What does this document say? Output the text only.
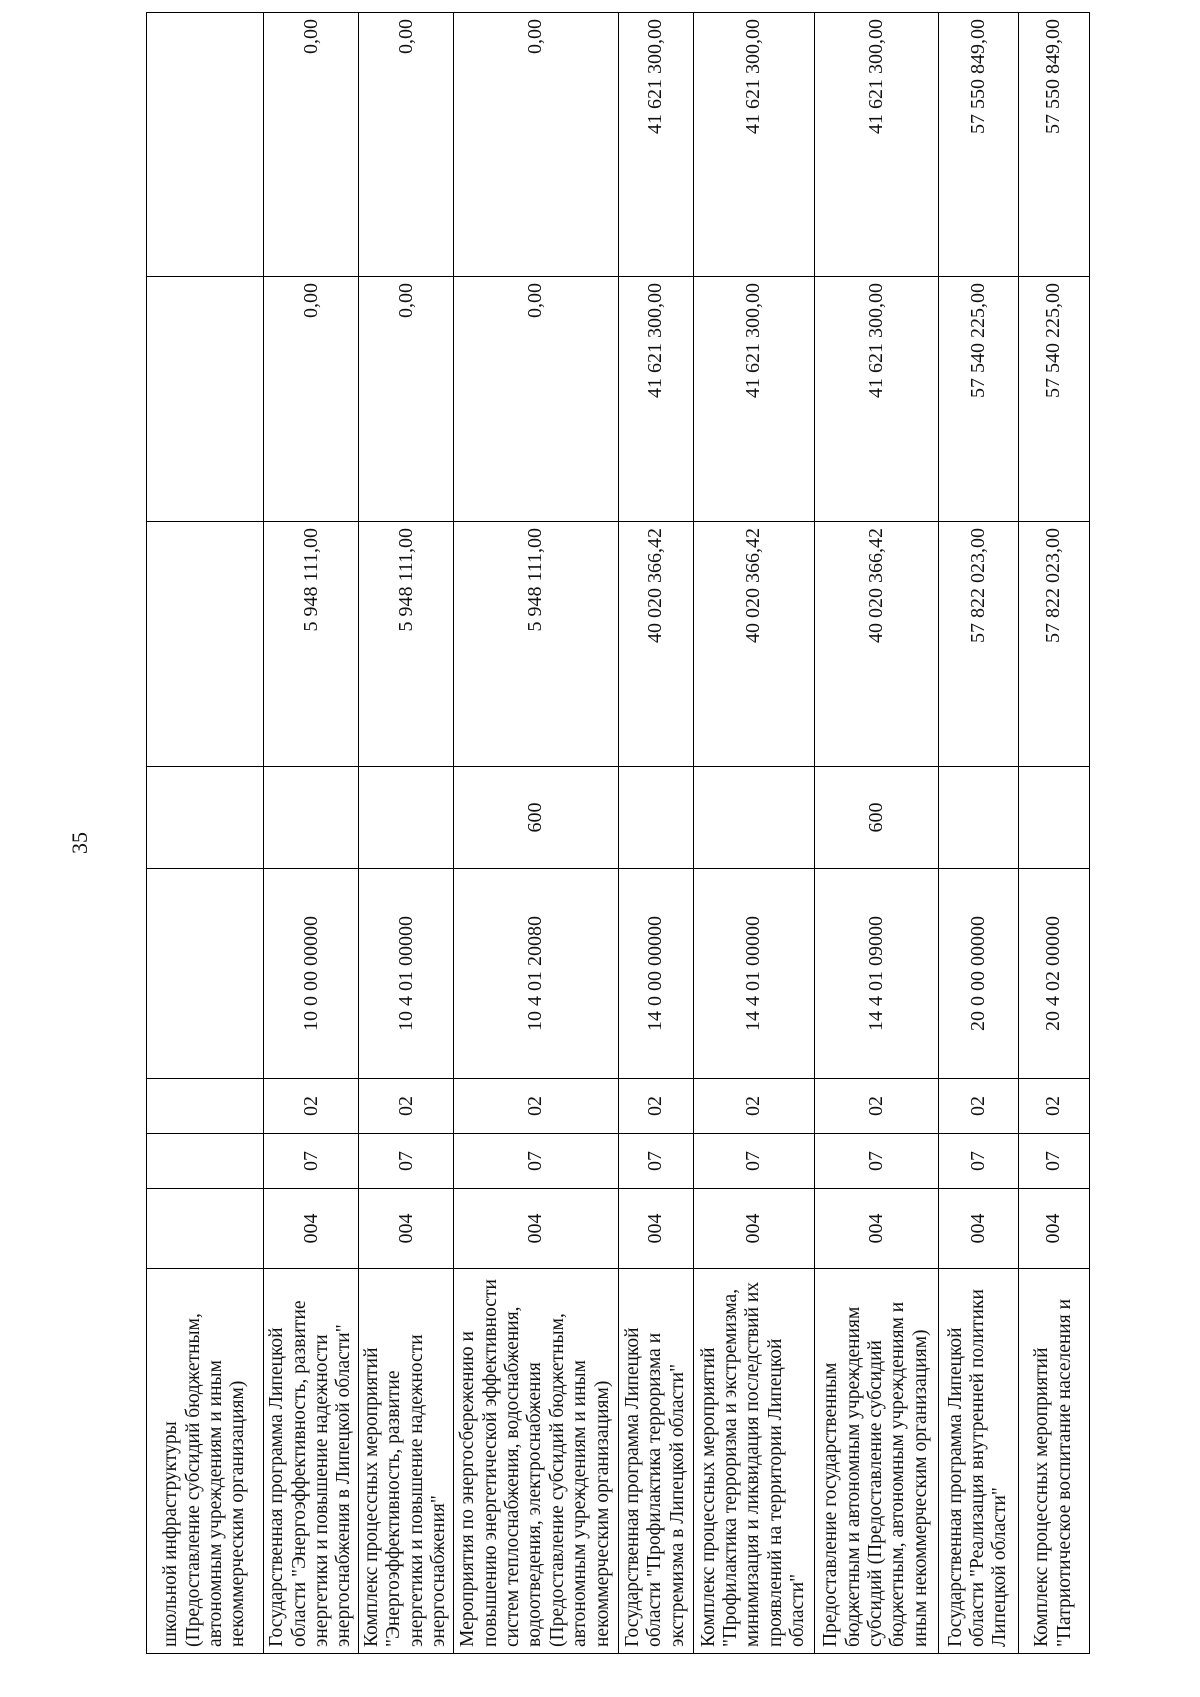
35
школьной инфраструктуры (Предоставление субсидий бюджетным, автономным учреждениям и иным некоммерческим организациям)								
Государственная программа Липецкой области "Энергоэффективность, развитие энергетики и повышение надежности энергоснабжения в Липецкой области"	004	07	02	10 0 00 00000		5 948 111,00	0,00	0,00
Комплекс процессных мероприятий "Энергоэффективность, развитие энергетики и повышение надежности энергоснабжения"	004	07	02	10 4 01 00000		5 948 111,00	0,00	0,00
Мероприятия по энергосбережению и повышению энергетической эффективности систем теплоснабжения, водоснабжения, водоотведения, электроснабжения (Предоставление субсидий бюджетным, автономным учреждениям и иным некоммерческим организациям)	004	07	02	10 4 01 20080	600	5 948 111,00	0,00	0,00
Государственная программа Липецкой области "Профилактика терроризма и экстремизма в Липецкой области"	004	07	02	14 0 00 00000		40 020 366,42	41 621 300,00	41 621 300,00
Комплекс процессных мероприятий "Профилактика терроризма и экстремизма, минимизация и ликвидация последствий их проявлений на территории Липецкой области"	004	07	02	14 4 01 00000		40 020 366,42	41 621 300,00	41 621 300,00
Предоставление государственным бюджетным и автономным учреждениям субсидий (Предоставление субсидий бюджетным, автономным учреждениям и иным некоммерческим организациям)	004	07	02	14 4 01 09000	600	40 020 366,42	41 621 300,00	41 621 300,00
Государственная программа Липецкой области "Реализация внутренней политики Липецкой области"	004	07	02	20 0 00 00000		57 822 023,00	57 540 225,00	57 550 849,00
Комплекс процессных мероприятий "Патриотическое воспитание населения и	004	07	02	20 4 02 00000		57 822 023,00	57 540 225,00	57 550 849,00
